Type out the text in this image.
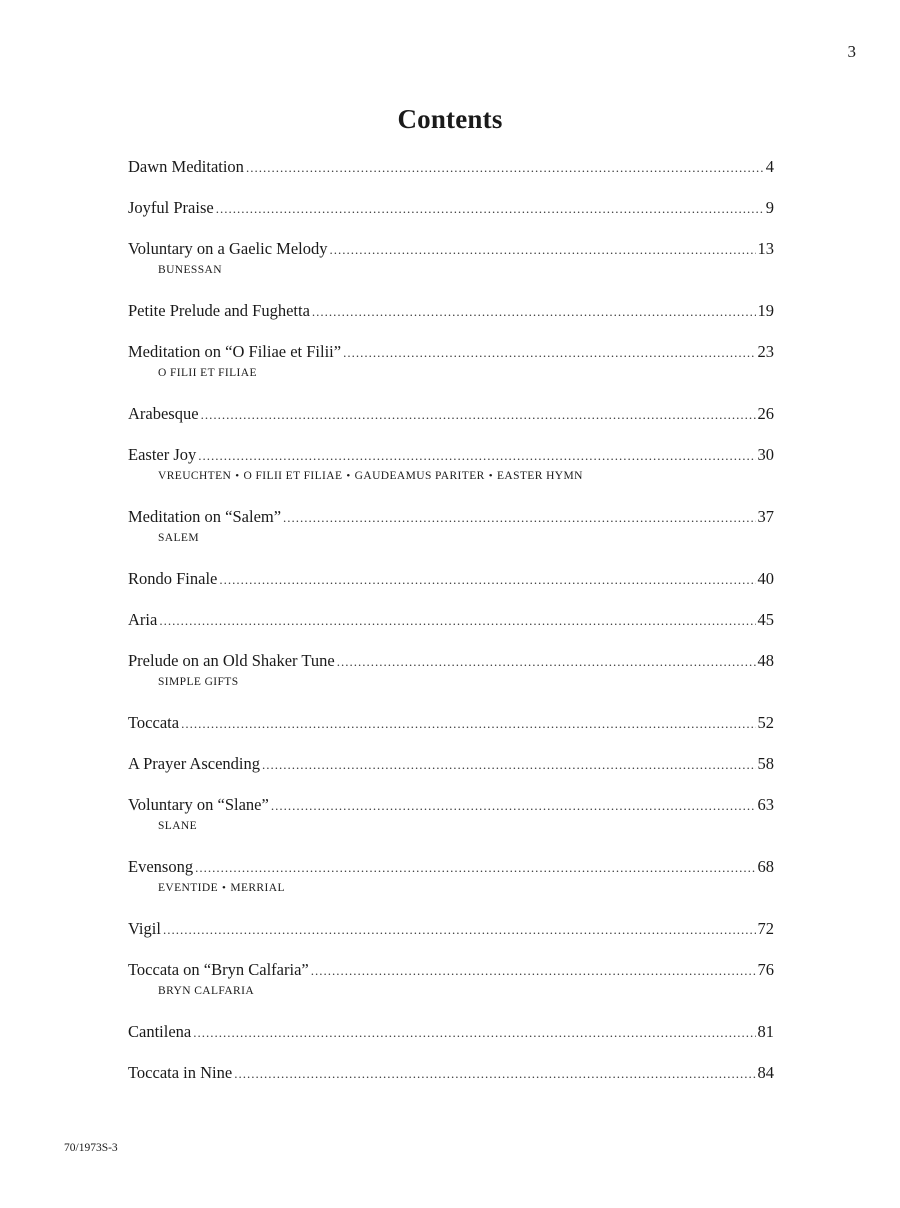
3
Contents
Dawn Meditation .....	4
Joyful Praise .....	9
Voluntary on a Gaelic Melody .....	13
BUNESSAN
Petite Prelude and Fughetta .....	19
Meditation on “O Filiae et Filii” .....	23
O FILII ET FILIAE
Arabesque .....	26
Easter Joy .....	30
VREUCHTEN • O FILII ET FILIAE • GAUDEAMUS PARITER • EASTER HYMN
Meditation on “Salem” .....	37
SALEM
Rondo Finale .....	40
Aria .....	45
Prelude on an Old Shaker Tune .....	48
SIMPLE GIFTS
Toccata .....	52
A Prayer Ascending .....	58
Voluntary on “Slane” .....	63
SLANE
Evensong .....	68
EVENTIDE • MERRIAL
Vigil .....	72
Toccata on “Bryn Calfaria” .....	76
BRYN CALFARIA
Cantilena .....	81
Toccata in Nine .....	84
70/1973S-3
